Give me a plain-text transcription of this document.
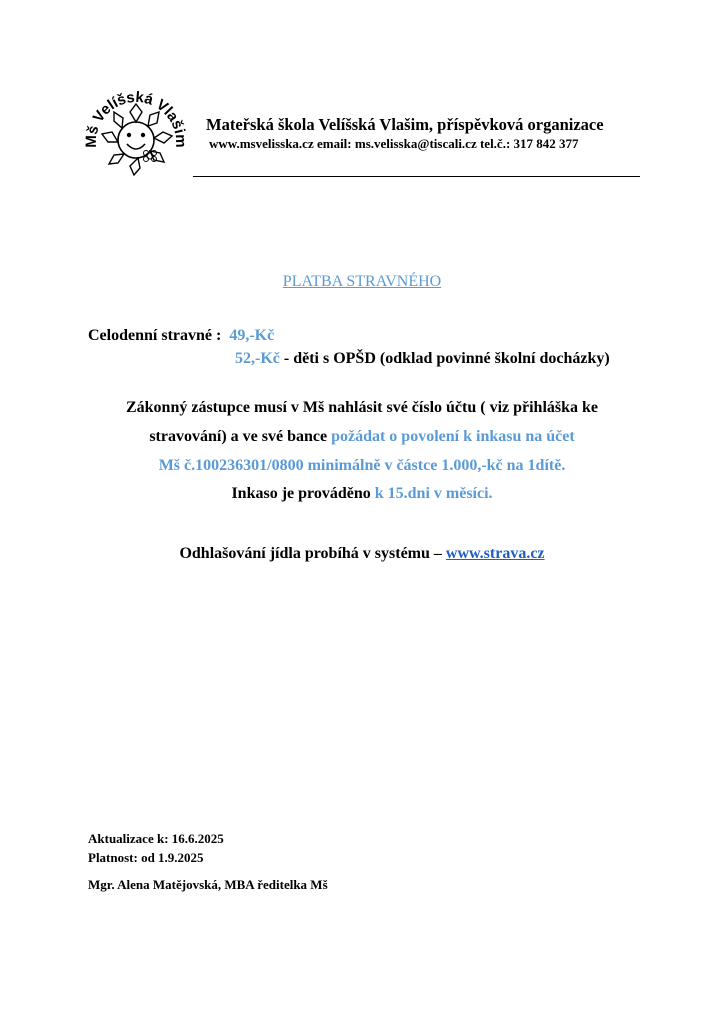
Mš Velíšská Vlašim
Mateřská škola Velíšská Vlašim, příspěvková organizace
www.msvelisska.cz email: ms.velisska@tiscali.cz tel.č.: 317 842 377
PLATBA STRAVNÉHO
Celodenní stravné : 49,-Kč
52,-Kč - děti s OPŠD (odklad povinné školní docházky)
Zákonný zástupce musí v Mš nahlásit své číslo účtu ( viz přihláška ke
stravování) a ve své bance požádat o povolení k inkasu na účet
Mš č.100236301/0800 minimálně v částce 1.000,-kč na 1dítě.
Inkaso je prováděno k 15.dni v měsíci.
Odhlašování jídla probíhá v systému – www.strava.cz
Aktualizace k: 16.6.2025
Platnost: od 1.9.2025
Mgr. Alena Matějovská, MBA ředitelka Mš
